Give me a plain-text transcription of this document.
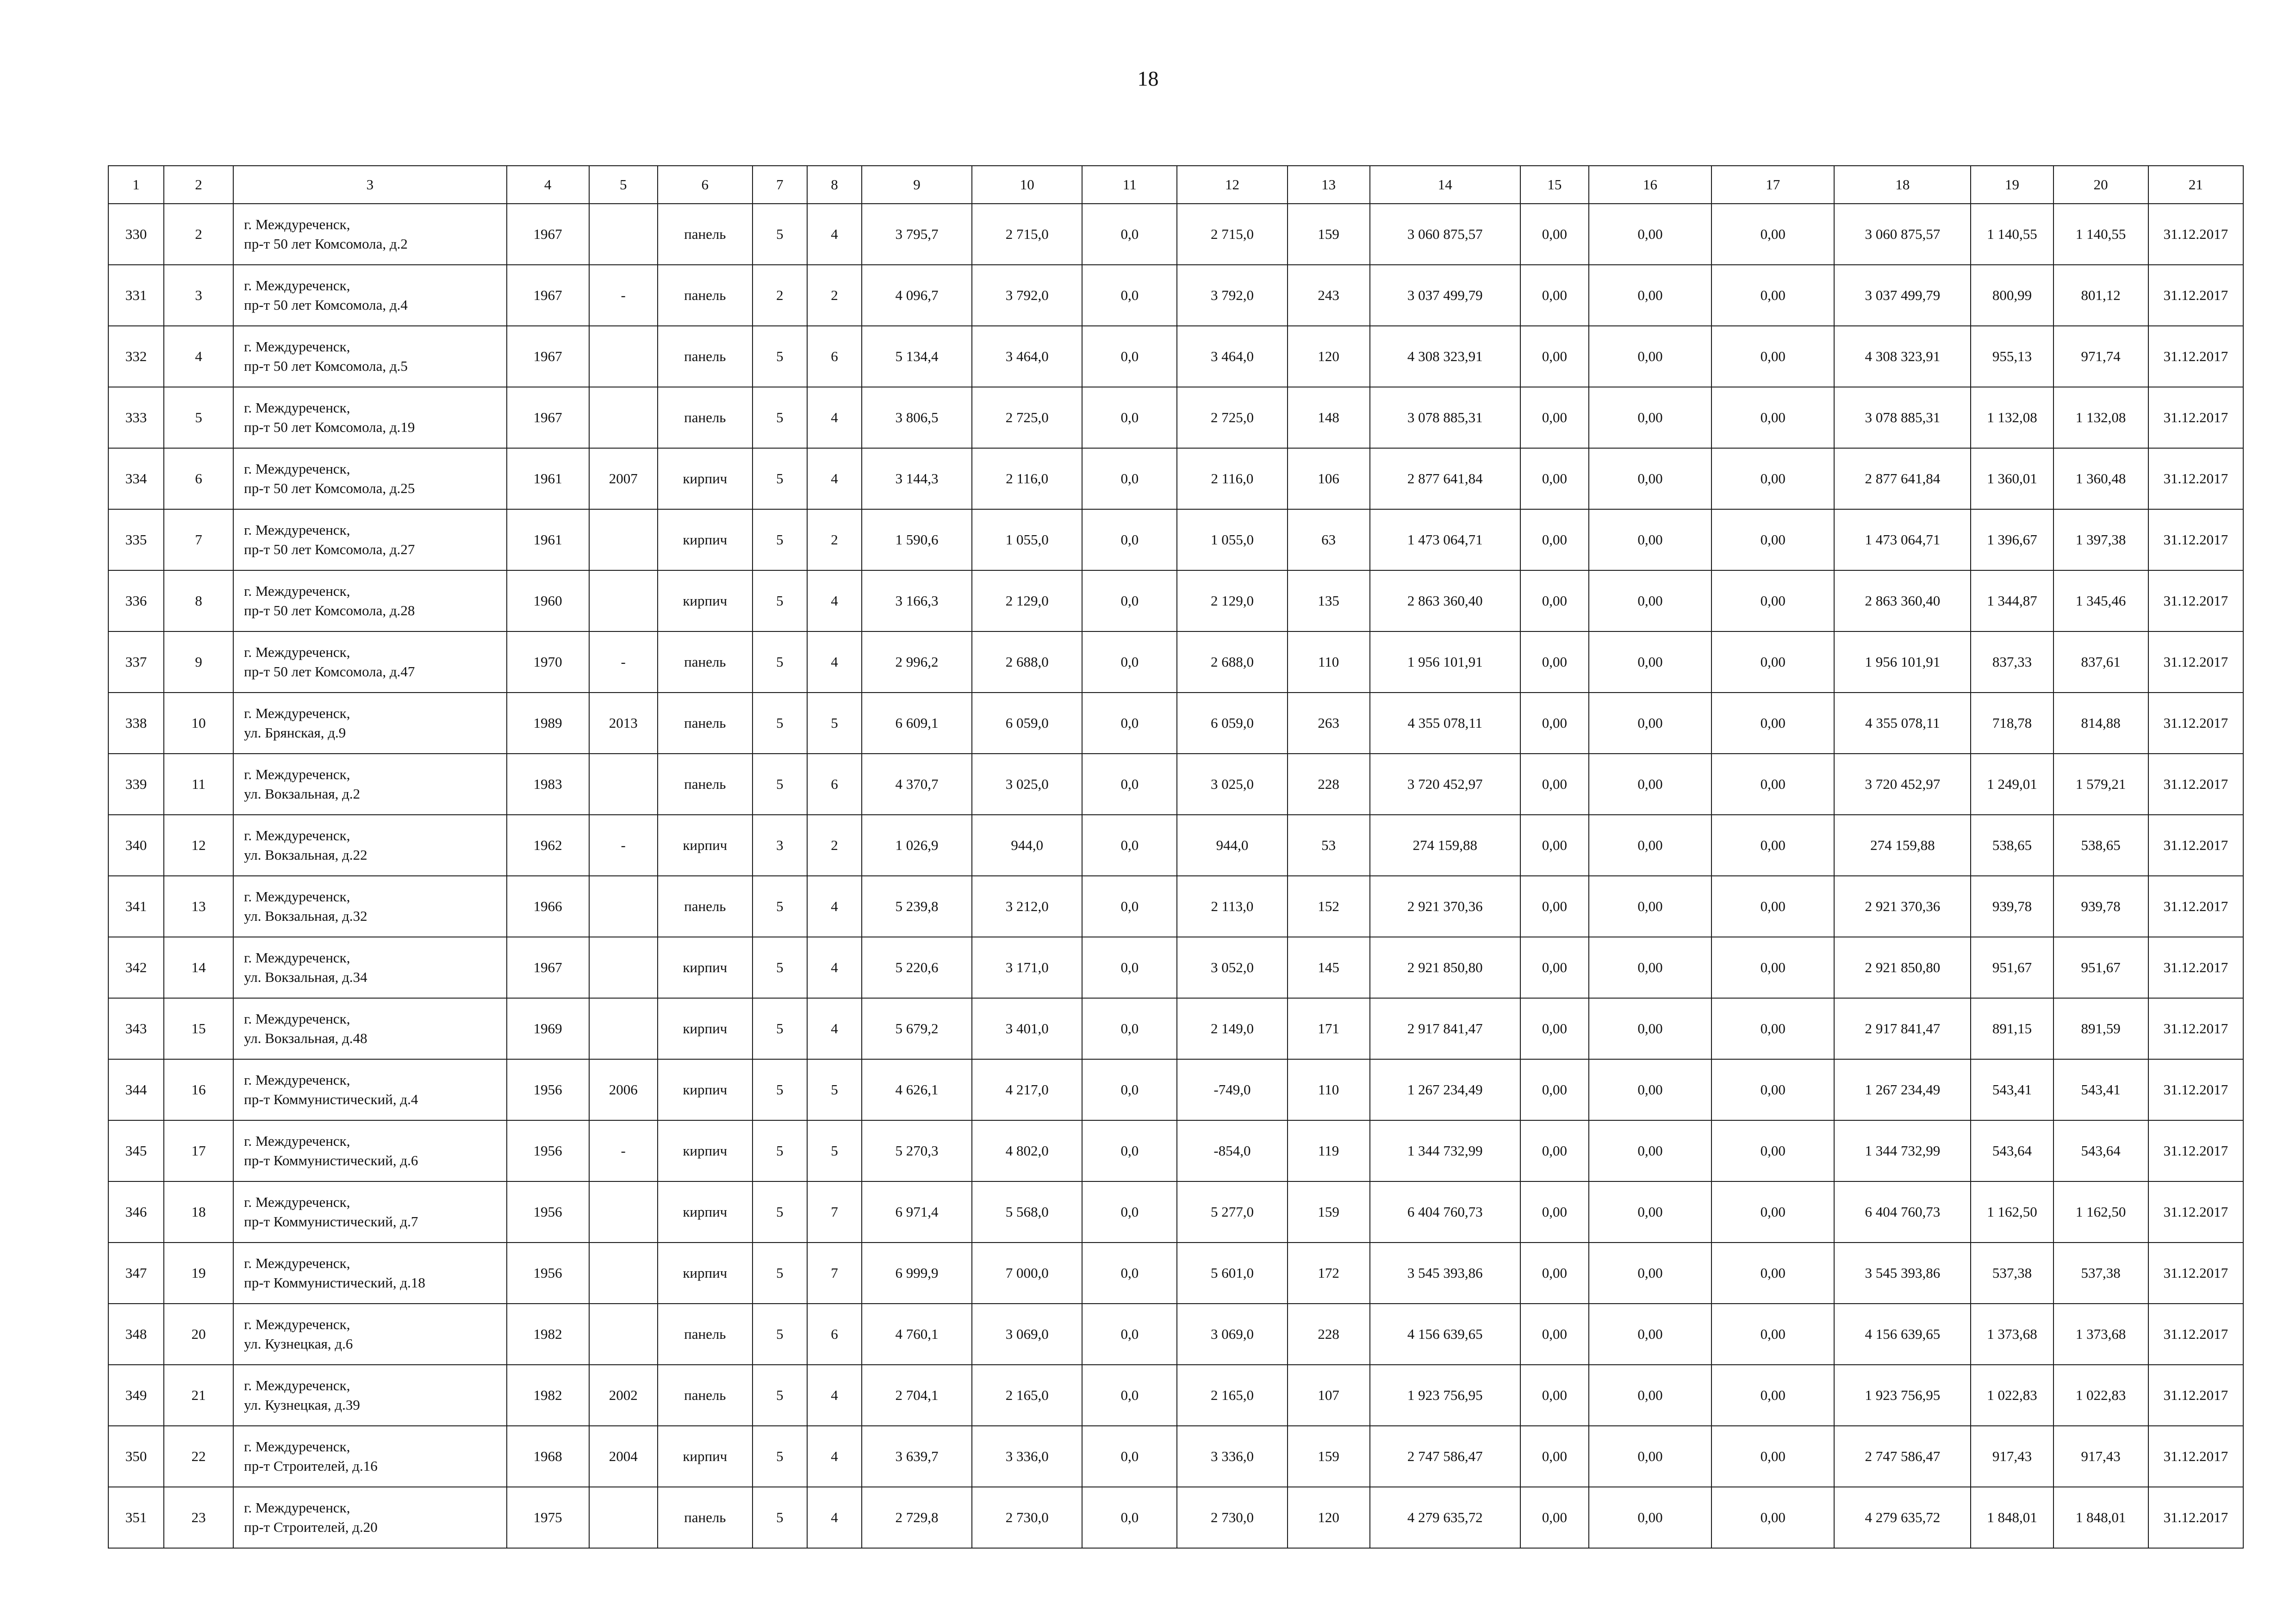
18
1	2	3	4	5	6	7	8	9	10	11	12	13	14	15	16	17	18	19	20	21
330	2	г. Междуреченск,
пр-т 50 лет Комсомола, д.2	1967		панель	5	4	3 795,7	2 715,0	0,0	2 715,0	159	3 060 875,57	0,00	0,00	0,00	3 060 875,57	1 140,55	1 140,55	31.12.2017
331	3	г. Междуреченск,
пр-т 50 лет Комсомола, д.4	1967	-	панель	2	2	4 096,7	3 792,0	0,0	3 792,0	243	3 037 499,79	0,00	0,00	0,00	3 037 499,79	800,99	801,12	31.12.2017
332	4	г. Междуреченск,
пр-т 50 лет Комсомола, д.5	1967		панель	5	6	5 134,4	3 464,0	0,0	3 464,0	120	4 308 323,91	0,00	0,00	0,00	4 308 323,91	955,13	971,74	31.12.2017
333	5	г. Междуреченск,
пр-т 50 лет Комсомола, д.19	1967		панель	5	4	3 806,5	2 725,0	0,0	2 725,0	148	3 078 885,31	0,00	0,00	0,00	3 078 885,31	1 132,08	1 132,08	31.12.2017
334	6	г. Междуреченск,
пр-т 50 лет Комсомола, д.25	1961	2007	кирпич	5	4	3 144,3	2 116,0	0,0	2 116,0	106	2 877 641,84	0,00	0,00	0,00	2 877 641,84	1 360,01	1 360,48	31.12.2017
335	7	г. Междуреченск,
пр-т 50 лет Комсомола, д.27	1961		кирпич	5	2	1 590,6	1 055,0	0,0	1 055,0	63	1 473 064,71	0,00	0,00	0,00	1 473 064,71	1 396,67	1 397,38	31.12.2017
336	8	г. Междуреченск,
пр-т 50 лет Комсомола, д.28	1960		кирпич	5	4	3 166,3	2 129,0	0,0	2 129,0	135	2 863 360,40	0,00	0,00	0,00	2 863 360,40	1 344,87	1 345,46	31.12.2017
337	9	г. Междуреченск,
пр-т 50 лет Комсомола, д.47	1970	-	панель	5	4	2 996,2	2 688,0	0,0	2 688,0	110	1 956 101,91	0,00	0,00	0,00	1 956 101,91	837,33	837,61	31.12.2017
338	10	г. Междуреченск,
ул. Брянская, д.9	1989	2013	панель	5	5	6 609,1	6 059,0	0,0	6 059,0	263	4 355 078,11	0,00	0,00	0,00	4 355 078,11	718,78	814,88	31.12.2017
339	11	г. Междуреченск,
ул. Вокзальная, д.2	1983		панель	5	6	4 370,7	3 025,0	0,0	3 025,0	228	3 720 452,97	0,00	0,00	0,00	3 720 452,97	1 249,01	1 579,21	31.12.2017
340	12	г. Междуреченск,
ул. Вокзальная, д.22	1962	-	кирпич	3	2	1 026,9	944,0	0,0	944,0	53	274 159,88	0,00	0,00	0,00	274 159,88	538,65	538,65	31.12.2017
341	13	г. Междуреченск,
ул. Вокзальная, д.32	1966		панель	5	4	5 239,8	3 212,0	0,0	2 113,0	152	2 921 370,36	0,00	0,00	0,00	2 921 370,36	939,78	939,78	31.12.2017
342	14	г. Междуреченск,
ул. Вокзальная, д.34	1967		кирпич	5	4	5 220,6	3 171,0	0,0	3 052,0	145	2 921 850,80	0,00	0,00	0,00	2 921 850,80	951,67	951,67	31.12.2017
343	15	г. Междуреченск,
ул. Вокзальная, д.48	1969		кирпич	5	4	5 679,2	3 401,0	0,0	2 149,0	171	2 917 841,47	0,00	0,00	0,00	2 917 841,47	891,15	891,59	31.12.2017
344	16	г. Междуреченск,
пр-т Коммунистический, д.4	1956	2006	кирпич	5	5	4 626,1	4 217,0	0,0	-749,0	110	1 267 234,49	0,00	0,00	0,00	1 267 234,49	543,41	543,41	31.12.2017
345	17	г. Междуреченск,
пр-т Коммунистический, д.6	1956	-	кирпич	5	5	5 270,3	4 802,0	0,0	-854,0	119	1 344 732,99	0,00	0,00	0,00	1 344 732,99	543,64	543,64	31.12.2017
346	18	г. Междуреченск,
пр-т Коммунистический, д.7	1956		кирпич	5	7	6 971,4	5 568,0	0,0	5 277,0	159	6 404 760,73	0,00	0,00	0,00	6 404 760,73	1 162,50	1 162,50	31.12.2017
347	19	г. Междуреченск,
пр-т Коммунистический, д.18	1956		кирпич	5	7	6 999,9	7 000,0	0,0	5 601,0	172	3 545 393,86	0,00	0,00	0,00	3 545 393,86	537,38	537,38	31.12.2017
348	20	г. Междуреченск,
ул. Кузнецкая, д.6	1982		панель	5	6	4 760,1	3 069,0	0,0	3 069,0	228	4 156 639,65	0,00	0,00	0,00	4 156 639,65	1 373,68	1 373,68	31.12.2017
349	21	г. Междуреченск,
ул. Кузнецкая, д.39	1982	2002	панель	5	4	2 704,1	2 165,0	0,0	2 165,0	107	1 923 756,95	0,00	0,00	0,00	1 923 756,95	1 022,83	1 022,83	31.12.2017
350	22	г. Междуреченск,
пр-т Строителей, д.16	1968	2004	кирпич	5	4	3 639,7	3 336,0	0,0	3 336,0	159	2 747 586,47	0,00	0,00	0,00	2 747 586,47	917,43	917,43	31.12.2017
351	23	г. Междуреченск,
пр-т Строителей, д.20	1975		панель	5	4	2 729,8	2 730,0	0,0	2 730,0	120	4 279 635,72	0,00	0,00	0,00	4 279 635,72	1 848,01	1 848,01	31.12.2017
